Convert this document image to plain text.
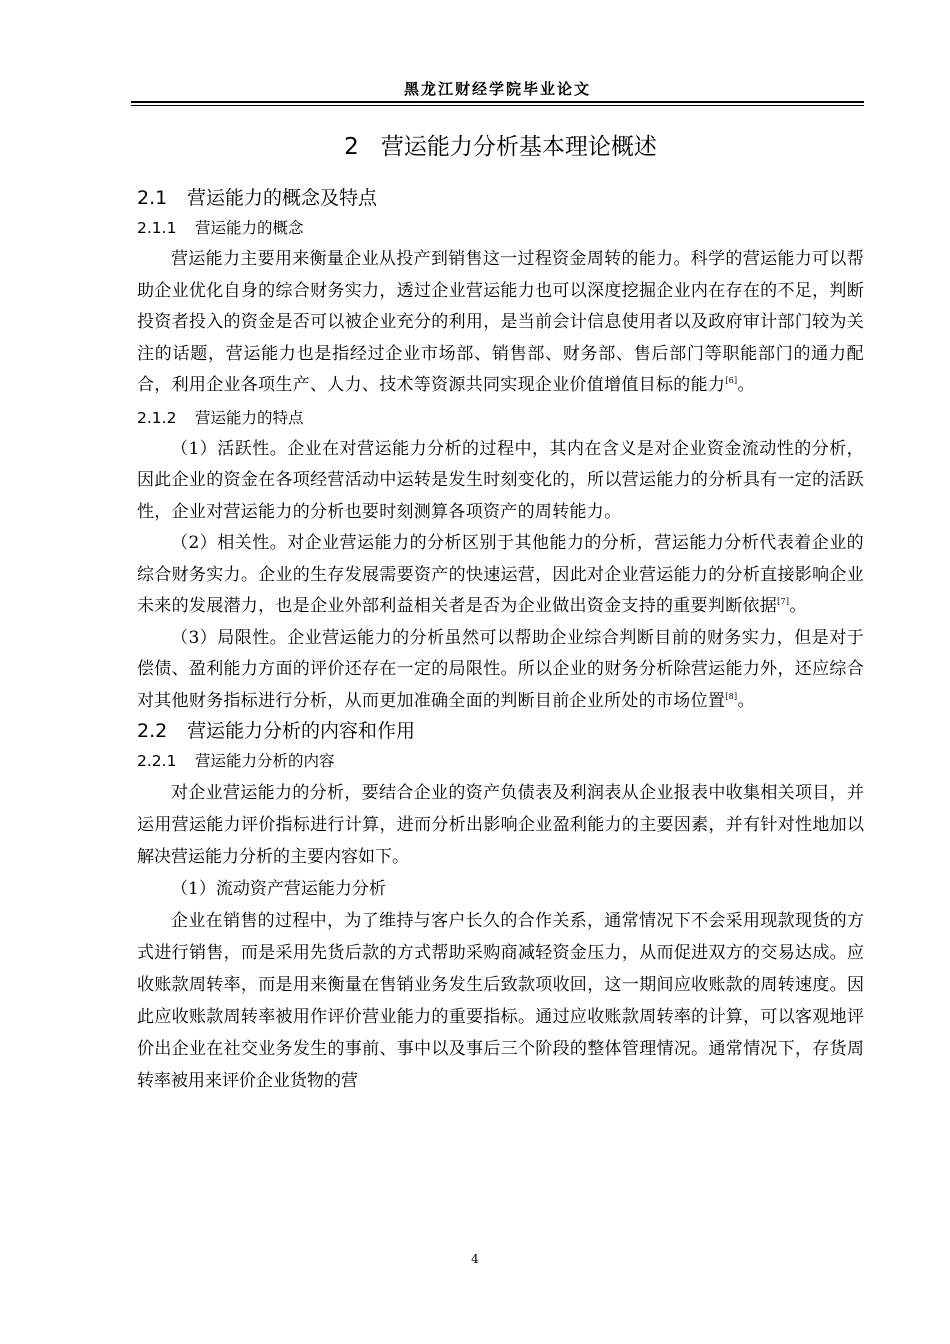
黑龙江财经学院毕业论文
2 营运能力分析基本理论概述
2.1 营运能力的概念及特点
2.1.1 营运能力的概念

营运能力主要用来衡量企业从投产到销售这一过程资金周转的能力。科学的营运能力可以帮助企业优化自身的综合财务实力，透过企业营运能力也可以深度挖掘企业内在存在的不足，判断投资者投入的资金是否可以被企业充分的利用，是当前会计信息使用者以及政府审计部门较为关注的话题，营运能力也是指经过企业市场部、销售部、财务部、售后部门等职能部门的通力配合，利用企业各项生产、人力、技术等资源共同实现企业价值增值目标的能力[6]。

2.1.2 营运能力的特点

（1）活跃性。企业在对营运能力分析的过程中，其内在含义是对企业资金流动性的分析，因此企业的资金在各项经营活动中运转是发生时刻变化的，所以营运能力的分析具有一定的活跃性，企业对营运能力的分析也要时刻测算各项资产的周转能力。

（2）相关性。对企业营运能力的分析区别于其他能力的分析，营运能力分析代表着企业的综合财务实力。企业的生存发展需要资产的快速运营，因此对企业营运能力的分析直接影响企业未来的发展潜力，也是企业外部利益相关者是否为企业做出资金支持的重要判断依据[7]。

（3）局限性。企业营运能力的分析虽然可以帮助企业综合判断目前的财务实力，但是对于偿债、盈利能力方面的评价还存在一定的局限性。所以企业的财务分析除营运能力外，还应综合对其他财务指标进行分析，从而更加准确全面的判断目前企业所处的市场位置[8]。

2.2 营运能力分析的内容和作用
2.2.1 营运能力分析的内容

对企业营运能力的分析，要结合企业的资产负债表及利润表从企业报表中收集相关项目，并运用营运能力评价指标进行计算，进而分析出影响企业盈利能力的主要因素，并有针对性地加以解决营运能力分析的主要内容如下。

（1）流动资产营运能力分析

企业在销售的过程中，为了维持与客户长久的合作关系，通常情况下不会采用现款现货的方式进行销售，而是采用先货后款的方式帮助采购商减轻资金压力，从而促进双方的交易达成。应收账款周转率，而是用来衡量在售销业务发生后致款项收回，这一期间应收账款的周转速度。因此应收账款周转率被用作评价营业能力的重要指标。通过应收账款周转率的计算，可以客观地评价出企业在社交业务发生的事前、事中以及事后三个阶段的整体管理情况。通常情况下，存货周转率被用来评价企业货物的营

4
